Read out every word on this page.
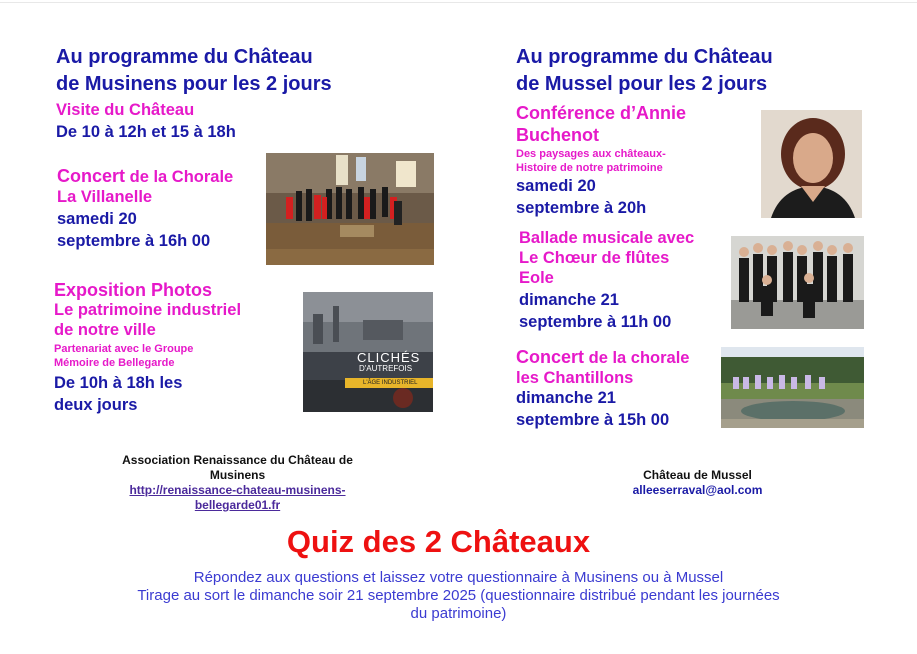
Au programme du Château
de Musinens pour les 2 jours
Visite du Château
De 10 à 12h et 15 à 18h
Concert de la Chorale
La Villanelle
samedi 20
septembre à 16h 00
Exposition Photos
Le patrimoine industriel
de notre ville
Partenariat avec le Groupe
Mémoire de Bellegarde
De 10h à 18h les
deux jours
CLICHÉS
D'AUTREFOIS
L'ÂGE INDUSTRIEL
Au programme du Château
de Mussel pour les 2 jours
Conférence d’Annie
Buchenot
Des paysages aux châteaux-
Histoire de notre patrimoine
samedi 20
septembre à 20h
Ballade musicale avec
Le Chœur de flûtes
Eole
dimanche 21
septembre à 11h 00
Concert de la chorale
les Chantillons
dimanche 21
septembre à 15h 00
Association Renaissance du Château de
Musinens
http://renaissance-chateau-musinens-
bellegarde01.fr
Château de Mussel
alleeserraval@aol.com
Quiz des 2 Châteaux
Répondez aux questions et laissez votre questionnaire à Musinens ou à Mussel
Tirage au sort le dimanche soir 21 septembre 2025 (questionnaire distribué pendant les journées
du patrimoine)
